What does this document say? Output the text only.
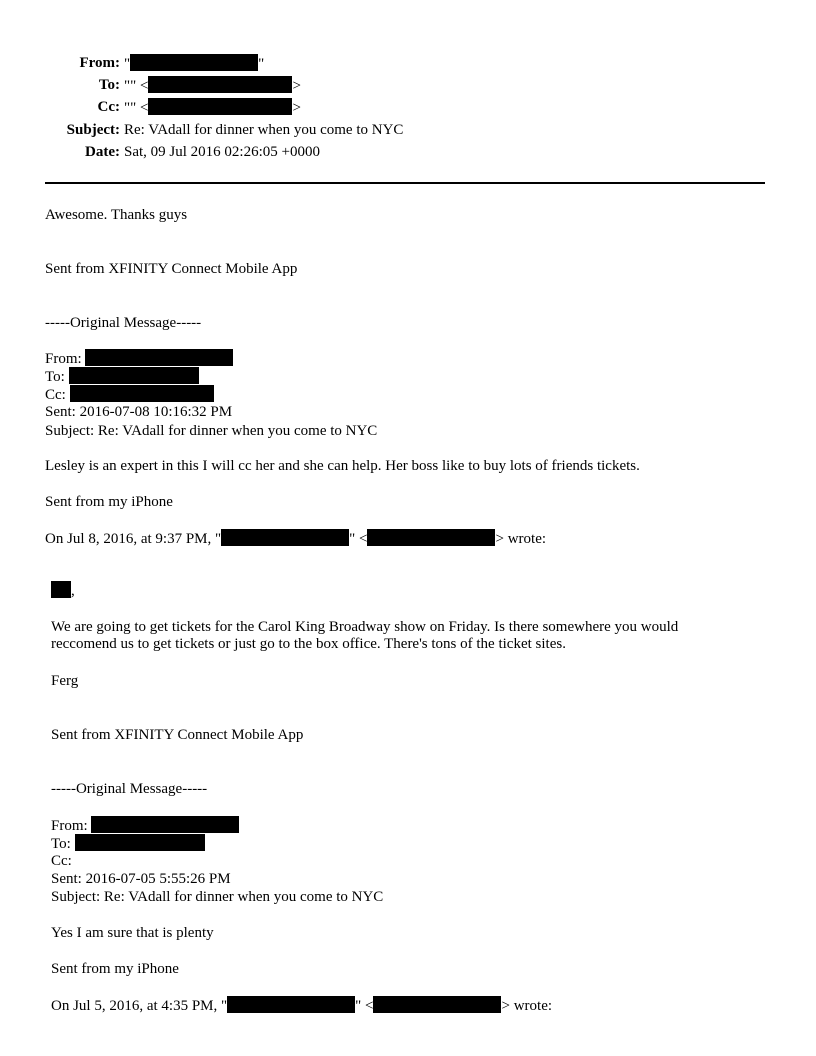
From: "	"
To: "" <	>
Cc: "" <	>
Subject: Re: VAdall for dinner when you come to NYC
Date: Sat, 09 Jul 2016 02:26:05 +0000
Awesome. Thanks guys
Sent from XFINITY Connect Mobile App
-----Original Message-----
From:
To:
Cc:
Sent: 2016-07-08 10:16:32 PM
Subject: Re: VAdall for dinner when you come to NYC
Lesley is an expert in this I will cc her and she can help. Her boss like to buy lots of friends tickets.
Sent from my iPhone
On Jul 8, 2016, at 9:37 PM, "	" <	> wrote:
,
We are going to get tickets for the Carol King Broadway show on Friday. Is there somewhere you would
reccomend us to get tickets or just go to the box office. There's tons of the ticket sites.
Ferg
Sent from XFINITY Connect Mobile App
-----Original Message-----
From:
To:
Cc:
Sent: 2016-07-05 5:55:26 PM
Subject: Re: VAdall for dinner when you come to NYC
Yes I am sure that is plenty
Sent from my iPhone
On Jul 5, 2016, at 4:35 PM, "	" <	> wrote:
